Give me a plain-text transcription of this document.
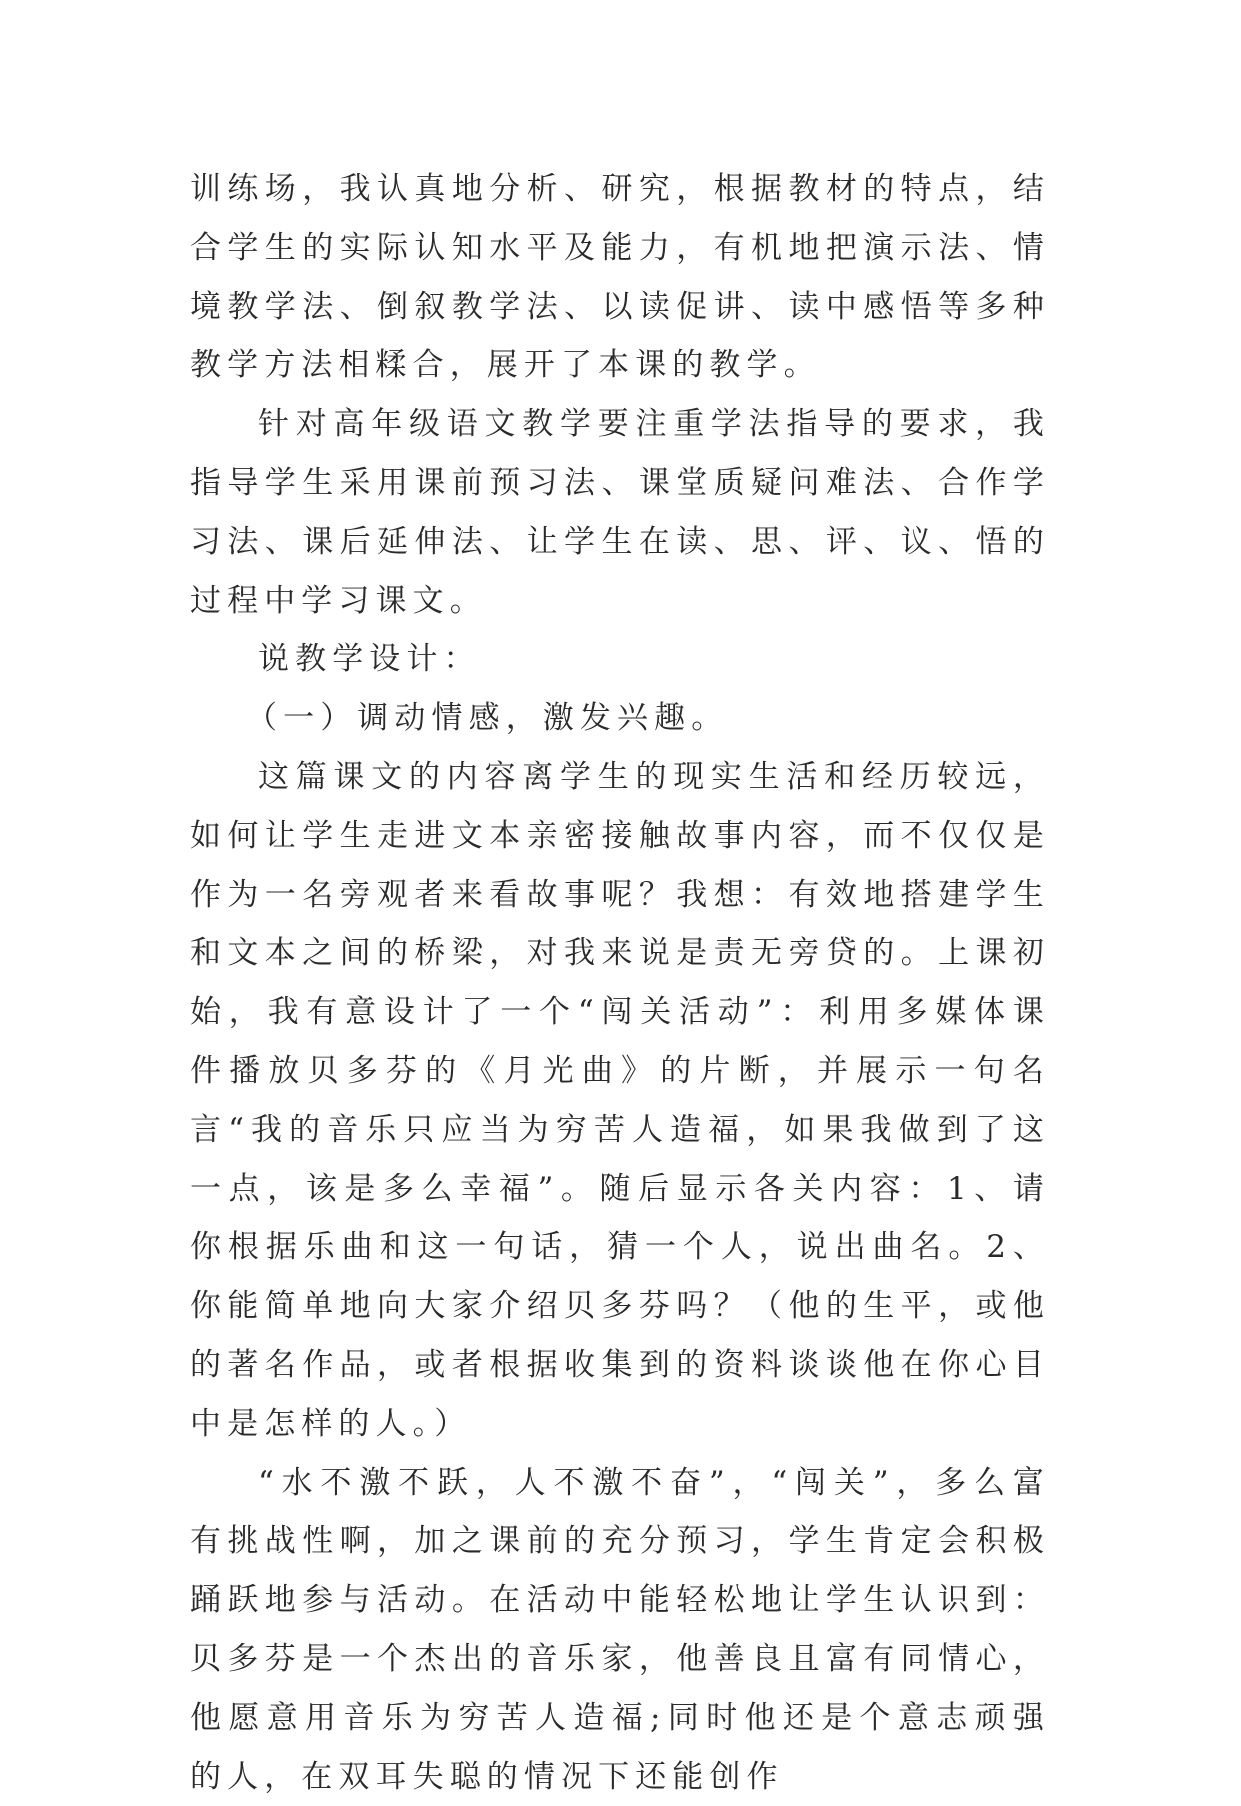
训练场，我认真地分析、研究，根据教材的特点，结合学生的实际认知水平及能力，有机地把演示法、情境教学法、倒叙教学法、以读促讲、读中感悟等多种教学方法相糅合，展开了本课的教学。

针对高年级语文教学要注重学法指导的要求，我指导学生采用课前预习法、课堂质疑问难法、合作学习法、课后延伸法、让学生在读、思、评、议、悟的过程中学习课文。

说教学设计：

（一）调动情感，激发兴趣。

这篇课文的内容离学生的现实生活和经历较远，如何让学生走进文本亲密接触故事内容，而不仅仅是作为一名旁观者来看故事呢？我想：有效地搭建学生和文本之间的桥梁，对我来说是责无旁贷的。上课初始，我有意设计了一个“闯关活动”：利用多媒体课件播放贝多芬的《月光曲》的片断，并展示一句名言“我的音乐只应当为穷苦人造福，如果我做到了这一点，该是多么幸福”。随后显示各关内容：1、请你根据乐曲和这一句话，猜一个人，说出曲名。2、你能简单地向大家介绍贝多芬吗？（他的生平，或他的著名作品，或者根据收集到的资料谈谈他在你心目中是怎样的人。）

“水不激不跃，人不激不奋”，“闯关”，多么富有挑战性啊，加之课前的充分预习，学生肯定会积极踊跃地参与活动。在活动中能轻松地让学生认识到：贝多芬是一个杰出的音乐家，他善良且富有同情心，他愿意用音乐为穷苦人造福;同时他还是个意志顽强的人，在双耳失聪的情况下还能创作
